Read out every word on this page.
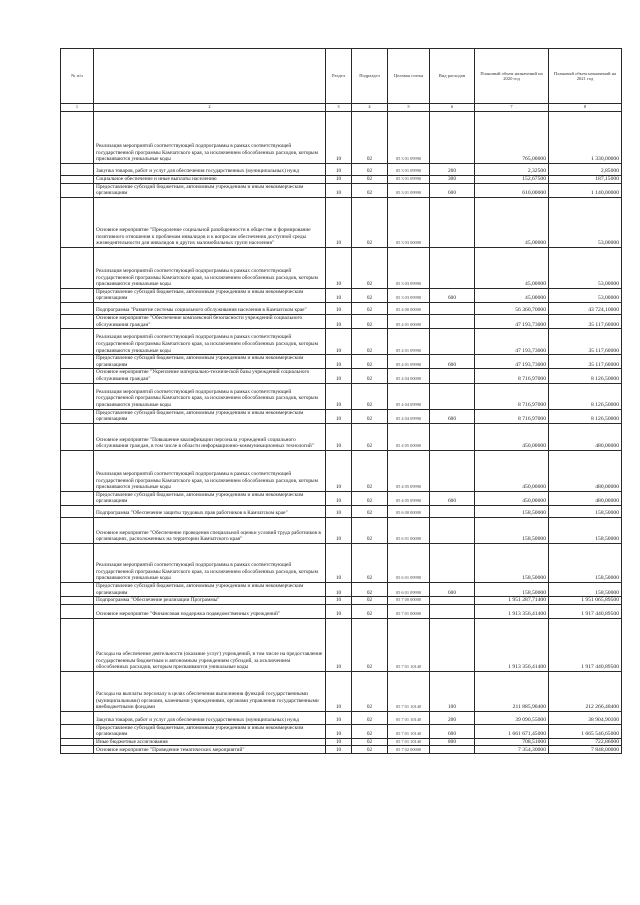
№ п/п		Раздел	Подраздел	Целевая статья	Вид расходов	Плановый объем назначений на 2020 год	Плановый объем назначений на 2021 год
1	2	3	4	5	6	7	8
	Реализация мероприятий соответствующей подпрограммы в рамках соответствующей государственной программы Камчатского края, за исключением обособленных расходов, которым присваиваются уникальные коды	10	02	05 3 01 09990		765,00000	1 330,00000
	Закупка товаров, работ и услуг для обеспечения государственных (муниципальных) нужд	10	02	05 3 01 09990	200	2,32500	2,85000
	Социальное обеспечение и иные выплаты населению	10	02	05 3 01 09990	300	152,67500	187,15000
	Предоставление субсидий бюджетным, автономным учреждениям и иным некоммерческим организациям	10	02	05 3 01 09990	600	610,00000	1 140,00000
	Основное мероприятие "Преодоление социальной разобщенности в обществе и формирование позитивного отношения к проблемам инвалидов и к вопросам обеспечения доступной среды жизнедеятельности для инвалидов и других маломобильных групп населения"	10	02	05 3 03 00000		45,00000	53,00000
	Реализация мероприятий соответствующей подпрограммы в рамках соответствующей государственной программы Камчатского края, за исключением обособленных расходов, которым присваиваются уникальные коды	10	02	05 3 03 09990		45,00000	53,00000
	Предоставление субсидий бюджетным, автономным учреждениям и иным некоммерческим организациям	10	02	05 3 03 09990	600	45,00000	53,00000
	Подпрограмма "Развитие системы социального обслуживания населения в Камчатском крае"	10	02	05 4 00 00000		56 360,70000	43 724,10000
	Основное мероприятие "Обеспечение комплексной безопасности учреждений социального обслуживания граждан"	10	02	05 4 01 00000		47 193,73000	35 117,60000
	Реализация мероприятий соответствующей подпрограммы в рамках соответствующей государственной программы Камчатского края, за исключением обособленных расходов, которым присваиваются уникальные коды	10	02	05 4 01 09990		47 193,73000	35 117,60000
	Предоставление субсидий бюджетным, автономным учреждениям и иным некоммерческим организациям	10	02	05 4 01 09990	600	47 193,73000	35 117,60000
	Основное мероприятие "Укрепление материально-технической базы учреждений социального обслуживания граждан"	10	02	05 4 04 00000		8 716,97000	8 126,50000
	Реализация мероприятий соответствующей подпрограммы в рамках соответствующей государственной программы Камчатского края, за исключением обособленных расходов, которым присваиваются уникальные коды	10	02	05 4 04 09990		8 716,97000	8 126,50000
	Предоставление субсидий бюджетным, автономным учреждениям и иным некоммерческим организациям	10	02	05 4 04 09990	600	8 716,97000	8 126,50000
	Основное мероприятие "Повышение квалификации персонала учреждений социального обслуживания граждан, в том числе в области информационно-коммуникационных технологий"	10	02	05 4 05 00000		450,00000	480,00000
	Реализация мероприятий соответствующей подпрограммы в рамках соответствующей государственной программы Камчатского края, за исключением обособленных расходов, которым присваиваются уникальные коды	10	02	05 4 05 09990		450,00000	480,00000
	Предоставление субсидий бюджетным, автономным учреждениям и иным некоммерческим организациям	10	02	05 4 05 09990	600	450,00000	480,00000
	Подпрограмма "Обеспечение защиты трудовых прав работников в Камчатском крае"	10	02	05 6 00 00000		158,50000	158,50000
	Основное мероприятие "Обеспечение проведения специальной оценки условий труда работников в организациях, расположенных на территории Камчатского края"	10	02	05 6 01 00000		158,50000	158,50000
	Реализация мероприятий соответствующей подпрограммы в рамках соответствующей государственной программы Камчатского края, за исключением обособленных расходов, которым присваиваются уникальные коды	10	02	05 6 01 09990		158,50000	158,50000
	Предоставление субсидий бюджетным, автономным учреждениям и иным некоммерческим организациям	10	02	05 6 01 09990	600	158,50000	158,50000
	Подпрограмма "Обеспечение реализации Программы"	10	02	05 7 00 00000		1 951 287,71400	1 951 065,89500
	Основное мероприятие "Финансовая поддержка подведомственных учреждений"	10	02	05 7 01 00000		1 913 356,41400	1 917 440,89500
	Расходы на обеспечение деятельности (оказание услуг) учреждений, в том числе на предоставление государственным бюджетным и автономным учреждениям субсидий, за исключением обособленных расходов, которым присваиваются уникальные коды	10	02	05 7 01 10140		1 913 356,41400	1 917 440,89500
	Расходы на выплаты персоналу в целях обеспечения выполнения функций государственными (муниципальными) органами, казенными учреждениями, органами управления государственными внебюджетными фондами	10	02	05 7 01 10140	100	211 885,90400	212 266,48400
	Закупка товаров, работ и услуг для обеспечения государственных (муниципальных) нужд	10	02	05 7 01 10140	200	39 090,55000	38 904,90100
	Предоставление субсидий бюджетным, автономным учреждениям и иным некоммерческим организациям	10	02	05 7 01 10140	600	1 661 671,45000	1 665 546,65000
	Иные бюджетные ассигнования	10	02	05 7 01 10140	800	708,51000	722,86000
	Основное мероприятие "Проведение тематических мероприятий"	10	02	05 7 02 00000		7 354,30000	7 848,00000
